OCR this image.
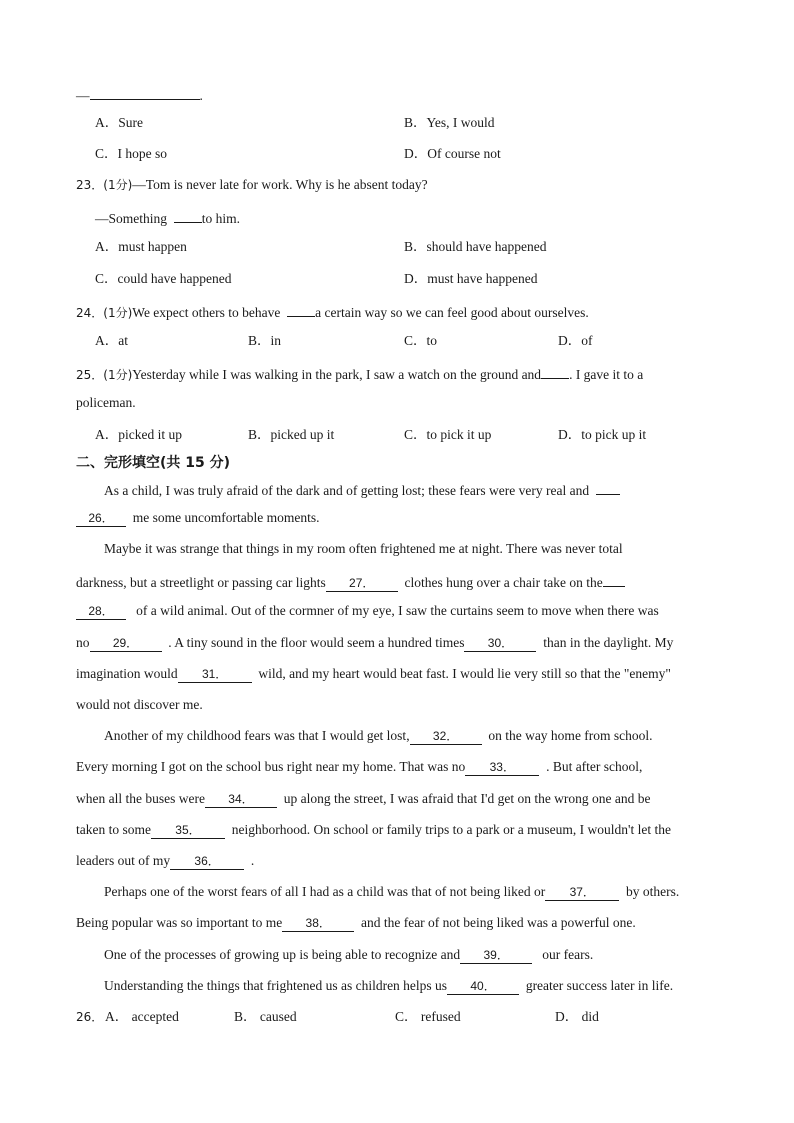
—	.
A．Sure	B．Yes, I would
C．I hope so	D．Of course not
23．(1分)—Tom is never late for work. Why is he absent today?
—Something	to him.
A．must happen	B．should have happened
C．could have happened	D．must have happened
24．(1分)We expect others to behave	a certain way so we can feel good about ourselves.
A．at	B．in	C．to	D．of
25．(1分)Yesterday while I was walking in the park, I saw a watch on the ground and . I gave it to a
policeman.
A．picked it up	B．picked up it	C．to pick it up	D．to pick up it
二、完形填空(共 15 分)
As a child, I was truly afraid of the dark and of getting lost; these fears were very real and
26． me some uncomfortable moments.
Maybe it was strange that things in my room often frightened me at night. There was never total
darkness, but a streetlight or passing car lights 27． clothes hung over a chair take on the
28． of a wild animal. Out of the cormner of my eye, I saw the curtains seem to move when there was
no 29． . A tiny sound in the floor would seem a hundred times 30． than in the daylight. My
imagination would 31． wild, and my heart would beat fast. I would lie very still so that the "enemy"
would not discover me.
Another of my childhood fears was that I would get lost, 32． on the way home from school.
Every morning I got on the school bus right near my home. That was no 33． . But after school,
when all the buses were 34． up along the street, I was afraid that I'd get on the wrong one and be
taken to some 35． neighborhood. On school or family trips to a park or a museum, I wouldn't let the
leaders out of my 36． .
Perhaps one of the worst fears of all I had as a child was that of not being liked or 37． by others.
Being popular was so important to me 38． and the fear of not being liked was a powerful one.
One of the processes of growing up is being able to recognize and 39． our fears.
Understanding the things that frightened us as children helps us 40． greater success later in life.
26． A． accepted	B． caused	C． refused	D． did
